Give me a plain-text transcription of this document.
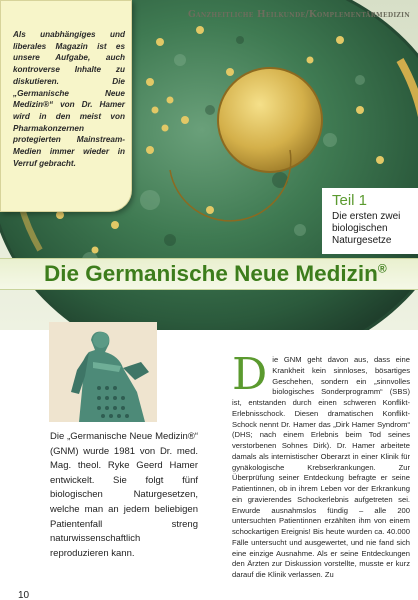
Ganzheitliche Heilkunde/Komplementärmedizin

Als unabhängiges und liberales Magazin ist es unsere Aufgabe, auch kontroverse Inhalte zu diskutieren. Die „Germanische Neue Medizin®“ von Dr. Hamer wird in den meist von Pharmakonzernen protegierten Mainstream-Medien immer wieder in Verruf gebracht.

Teil 1
Die ersten zwei biologischen Naturgesetze
Die Germanische Neue Medizin®

Die „Germanische Neue Medizin®“ (GNM) wurde 1981 von Dr. med. Mag. theol. Ryke Geerd Hamer entwickelt. Sie folgt fünf biologischen Naturgesetzen, welche man an jedem beliebigen Patientenfall streng naturwissenschaftlich reproduzieren kann.

Die GNM geht davon aus, dass eine Krankheit kein sinnloses, bösartiges Geschehen, sondern ein „sinnvolles biologisches Sonderprogramm“ (SBS) ist, entstanden durch einen schweren Konflikt-Erlebnisschock. Diesen dramatischen Konflikt-Schock nennt Dr. Hamer das „Dirk Hamer Syndrom“ (DHS; nach einem Erlebnis beim Tod seines verstorbenen Sohnes Dirk). Dr. Hamer arbeitete damals als internistischer Oberarzt in einer Klinik für gynäkologische Krebserkrankungen. Zur Überprüfung seiner Entdeckung befragte er seine Patientinnen, ob in ihrem Leben vor der Erkrankung ein gravierendes Schockerlebnis aufgetreten sei. Erwurde ausnahmslos fündig – alle 200 untersuchten Patientinnen erzählten ihm von einem schockartigen Ereignis! Bis heute wurden ca. 40.000 Fälle untersucht und ausgewertet, und nie fand sich eine einzige Ausnahme. Als er seine Entdeckungen den Ärzten zur Diskussion vorstellte, musste er kurz darauf die Klinik verlassen. Zu
10
